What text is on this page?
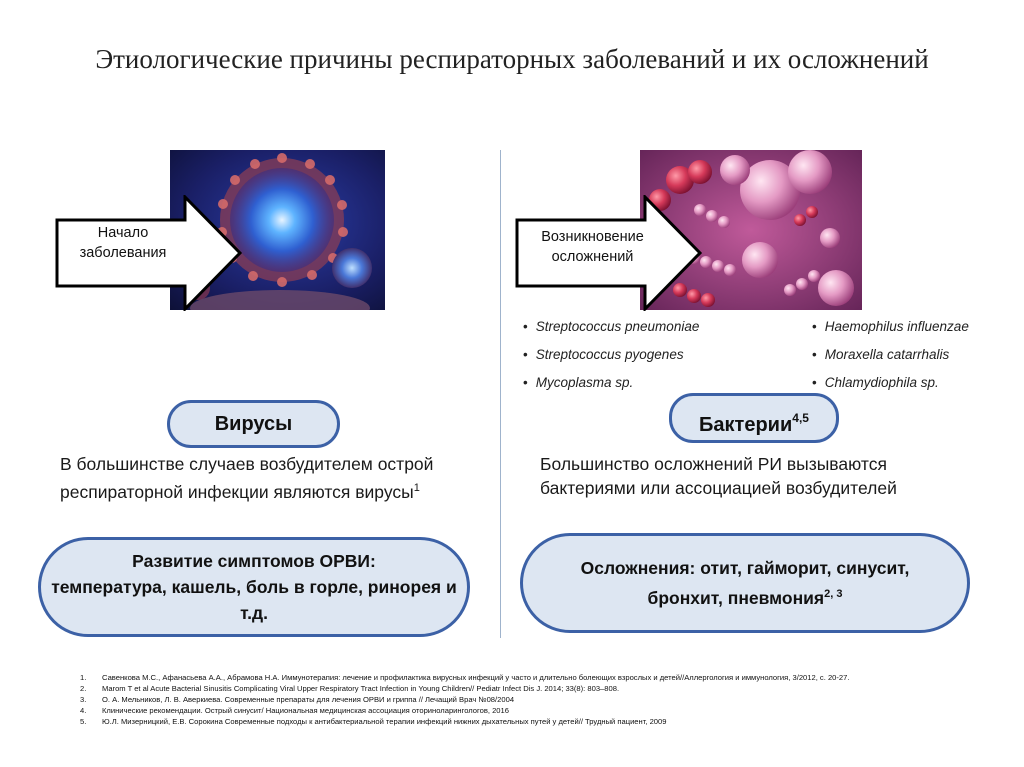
Этиологические причины респираторных заболеваний и их осложнений
Начало заболевания
Возникновение осложнений
• Streptococcus pneumoniae
• Streptococcus pyogenes
• Mycoplasma sp.
• Haemophilus influenzae
• Moraxella catarrhalis
• Chlamydiophila sp.
Вирусы	Бактерии$^{4,5}$
В большинстве случаев возбудителем острой респираторной инфекции являются вирусы$^1$
Большинство осложнений РИ вызываются бактериями или ассоциацией возбудителей
Развитие симптомов ОРВИ:
температура, кашель, боль в горле, ринорея и т.д.
Осложнения: отит, гайморит, синусит,
бронхит, пневмония$^{2, 3}$
1. Савенкова М.С., Афанасьева А.А., Абрамова Н.А. Иммунотерапия: лечение и профилактика вирусных инфекций у часто и длительно болеющих взрослых и детей//Аллергология и иммунология, 3/2012, с. 20-27.
2. Marom T et al Acute Bacterial Sinusitis Complicating Viral Upper Respiratory Tract Infection in Young Children// Pediatr Infect Dis J. 2014; 33(8): 803–808.
3. О. А. Мельников, Л. В. Аверкиева. Современные препараты для лечения ОРВИ и гриппа // Лечащий Врач №08/2004
4. Клинические рекомендации. Острый синусит/ Национальная медицинская ассоциация оториноларингологов, 2016
5. Ю.Л. Мизерницкий, Е.В. Сорокина Современные подходы к антибактериальной терапии инфекций нижних дыхательных путей у детей// Трудный пациент, 2009
